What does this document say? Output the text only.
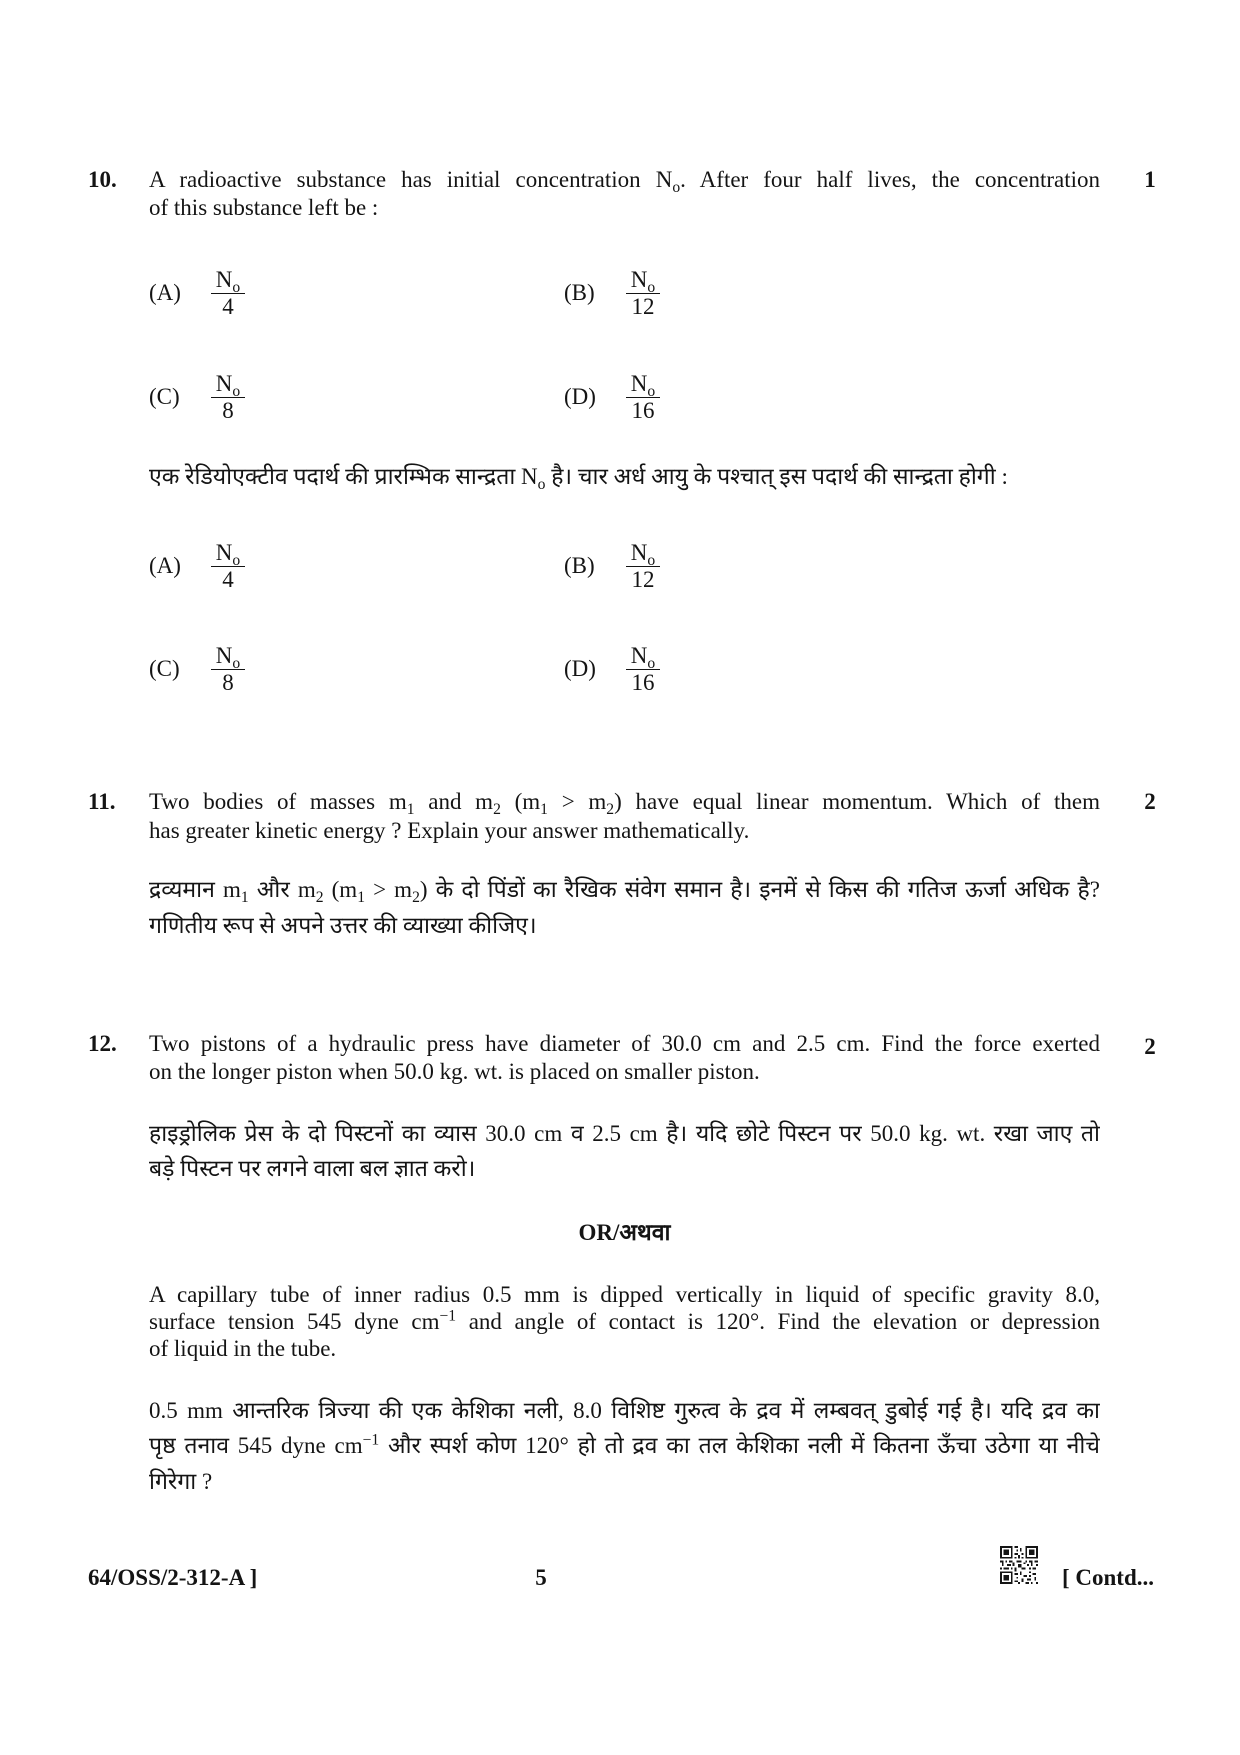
10.	1
A radioactive substance has initial concentration $N_o$. After four half lives, the concentration
of this substance left be :
(A)	$\frac{N_o}{4}$	(B)	$\frac{N_o}{12}$
(C)	$\frac{N_o}{8}$	(D)	$\frac{N_o}{16}$
एक रेडियोएक्टीव पदार्थ की प्रारम्भिक सान्द्रता $N_o$ है। चार अर्ध आयु के पश्चात् इस पदार्थ की सान्द्रता होगी :
(A)	$\frac{N_o}{4}$	(B)	$\frac{N_o}{12}$
(C)	$\frac{N_o}{8}$	(D)	$\frac{N_o}{16}$
11.	2
Two bodies of masses $m_1$ and $m_2$ $(m_1 > m_2)$ have equal linear momentum. Which of them
has greater kinetic energy ? Explain your answer mathematically.
द्रव्यमान $m_1$ और $m_2$ $(m_1 > m_2)$ के दो पिंडों का रैखिक संवेग समान है। इनमें से किस की गतिज ऊर्जा अधिक है?
गणितीय रूप से अपने उत्तर की व्याख्या कीजिए।
12.	2
Two pistons of a hydraulic press have diameter of 30.0 cm and 2.5 cm. Find the force exerted
on the longer piston when 50.0 kg. wt. is placed on smaller piston.
हाइड्रोलिक प्रेस के दो पिस्टनों का व्यास 30.0 cm व 2.5 cm है। यदि छोटे पिस्टन पर 50.0 kg. wt. रखा जाए तो
बड़े पिस्टन पर लगने वाला बल ज्ञात करो।
OR/अथवा
A capillary tube of inner radius 0.5 mm is dipped vertically in liquid of specific gravity 8.0,
surface tension 545 dyne $cm^{-1}$ and angle of contact is 120°. Find the elevation or depression
of liquid in the tube.
0.5 mm आन्तरिक त्रिज्या की एक केशिका नली, 8.0 विशिष्ट गुरुत्व के द्रव में लम्बवत् डुबोई गई है। यदि द्रव का
पृष्ठ तनाव 545 dyne $cm^{-1}$ और स्पर्श कोण 120° हो तो द्रव का तल केशिका नली में कितना ऊँचा उठेगा या नीचे
गिरेगा ?
64/OSS/2-312-A ]	5	[ Contd...
